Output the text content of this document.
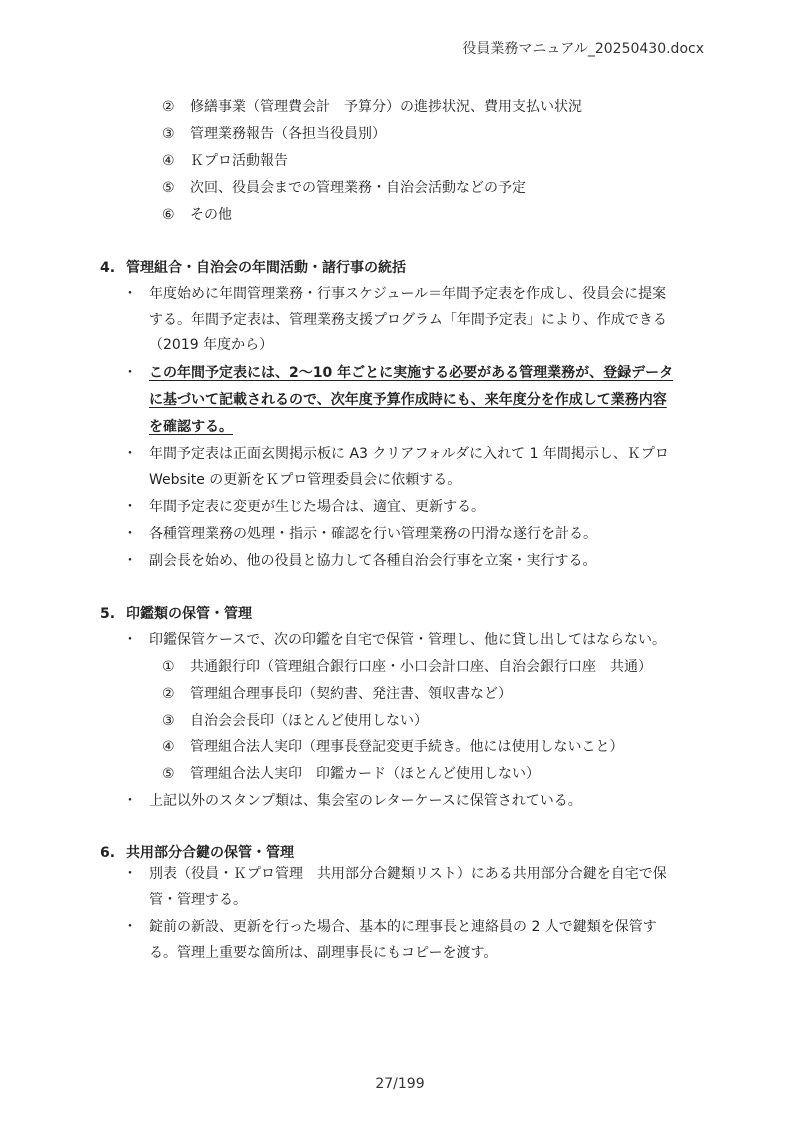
役員業務マニュアル_20250430.docx
② 修繕事業（管理費会計　予算分）の進捗状況、費用支払い状況
③ 管理業務報告（各担当役員別）
④ Ｋプロ活動報告
⑤ 次回、役員会までの管理業務・自治会活動などの予定
⑥ その他
4. 管理組合・自治会の年間活動・諸行事の統括
・ 年度始めに年間管理業務・行事スケジュール＝年間予定表を作成し、役員会に提案
する。年間予定表は、管理業務支援プログラム「年間予定表」により、作成できる
（2019 年度から）
・ この年間予定表には、2～10 年ごとに実施する必要がある管理業務が、登録データ
に基づいて記載されるので、次年度予算作成時にも、来年度分を作成して業務内容
を確認する。
・ 年間予定表は正面玄関掲示板に A3 クリアフォルダに入れて 1 年間掲示し、Ｋプロ
Website の更新をＫプロ管理委員会に依頼する。
・ 年間予定表に変更が生じた場合は、適宜、更新する。
・ 各種管理業務の処理・指示・確認を行い管理業務の円滑な遂行を計る。
・ 副会長を始め、他の役員と協力して各種自治会行事を立案・実行する。
5. 印鑑類の保管・管理
・ 印鑑保管ケースで、次の印鑑を自宅で保管・管理し、他に貸し出してはならない。
① 共通銀行印（管理組合銀行口座・小口会計口座、自治会銀行口座　共通）
② 管理組合理事長印（契約書、発注書、領収書など）
③ 自治会会長印（ほとんど使用しない）
④ 管理組合法人実印（理事長登記変更手続き。他には使用しないこと）
⑤ 管理組合法人実印　印鑑カード（ほとんど使用しない）
・ 上記以外のスタンプ類は、集会室のレターケースに保管されている。
6. 共用部分合鍵の保管・管理
・ 別表（役員・Ｋプロ管理　共用部分合鍵類リスト）にある共用部分合鍵を自宅で保
管・管理する。
・ 錠前の新設、更新を行った場合、基本的に理事長と連絡員の 2 人で鍵類を保管す
る。管理上重要な箇所は、副理事長にもコピーを渡す。
27/199
